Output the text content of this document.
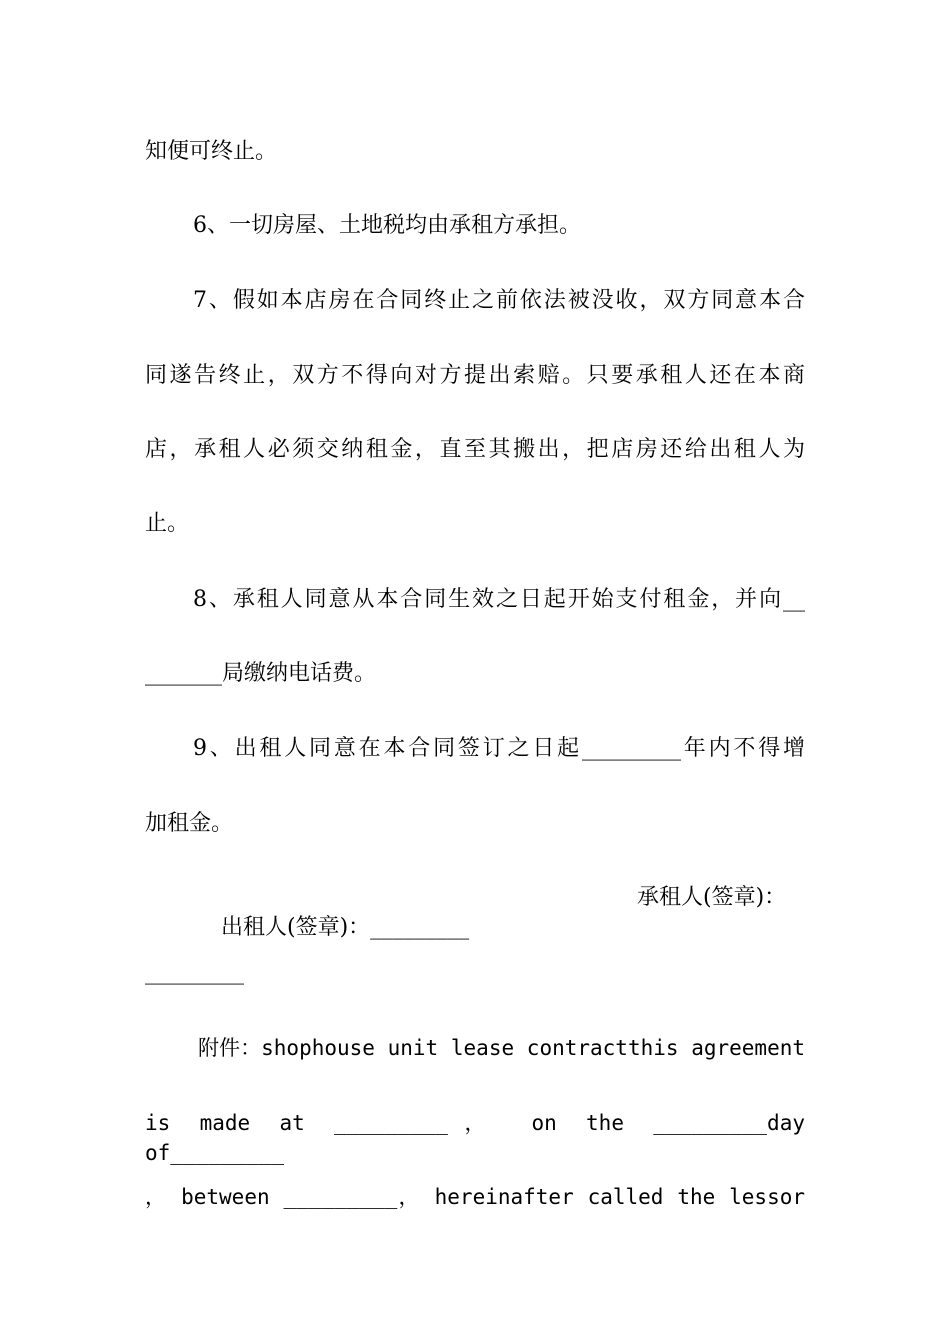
知便可终止。
6、一切房屋、土地税均由承租方承担。
7、假如本店房在合同终止之前依法被没收，双方同意本合
同遂告终止，双方不得向对方提出索赔。只要承租人还在本商
店，承租人必须交纳租金，直至其搬出，把店房还给出租人为
止。
8、承租人同意从本合同生效之日起开始支付租金，并向__
_______局缴纳电话费。
9、出租人同意在本合同签订之日起_________年内不得增
加租金。

出租人(签章)：_________

承租人(签章)：
_________
附件：shophouse unit lease contractthis agreement
is made at _________， on the _________day of_________
， between _________， hereinafter called the lessor
